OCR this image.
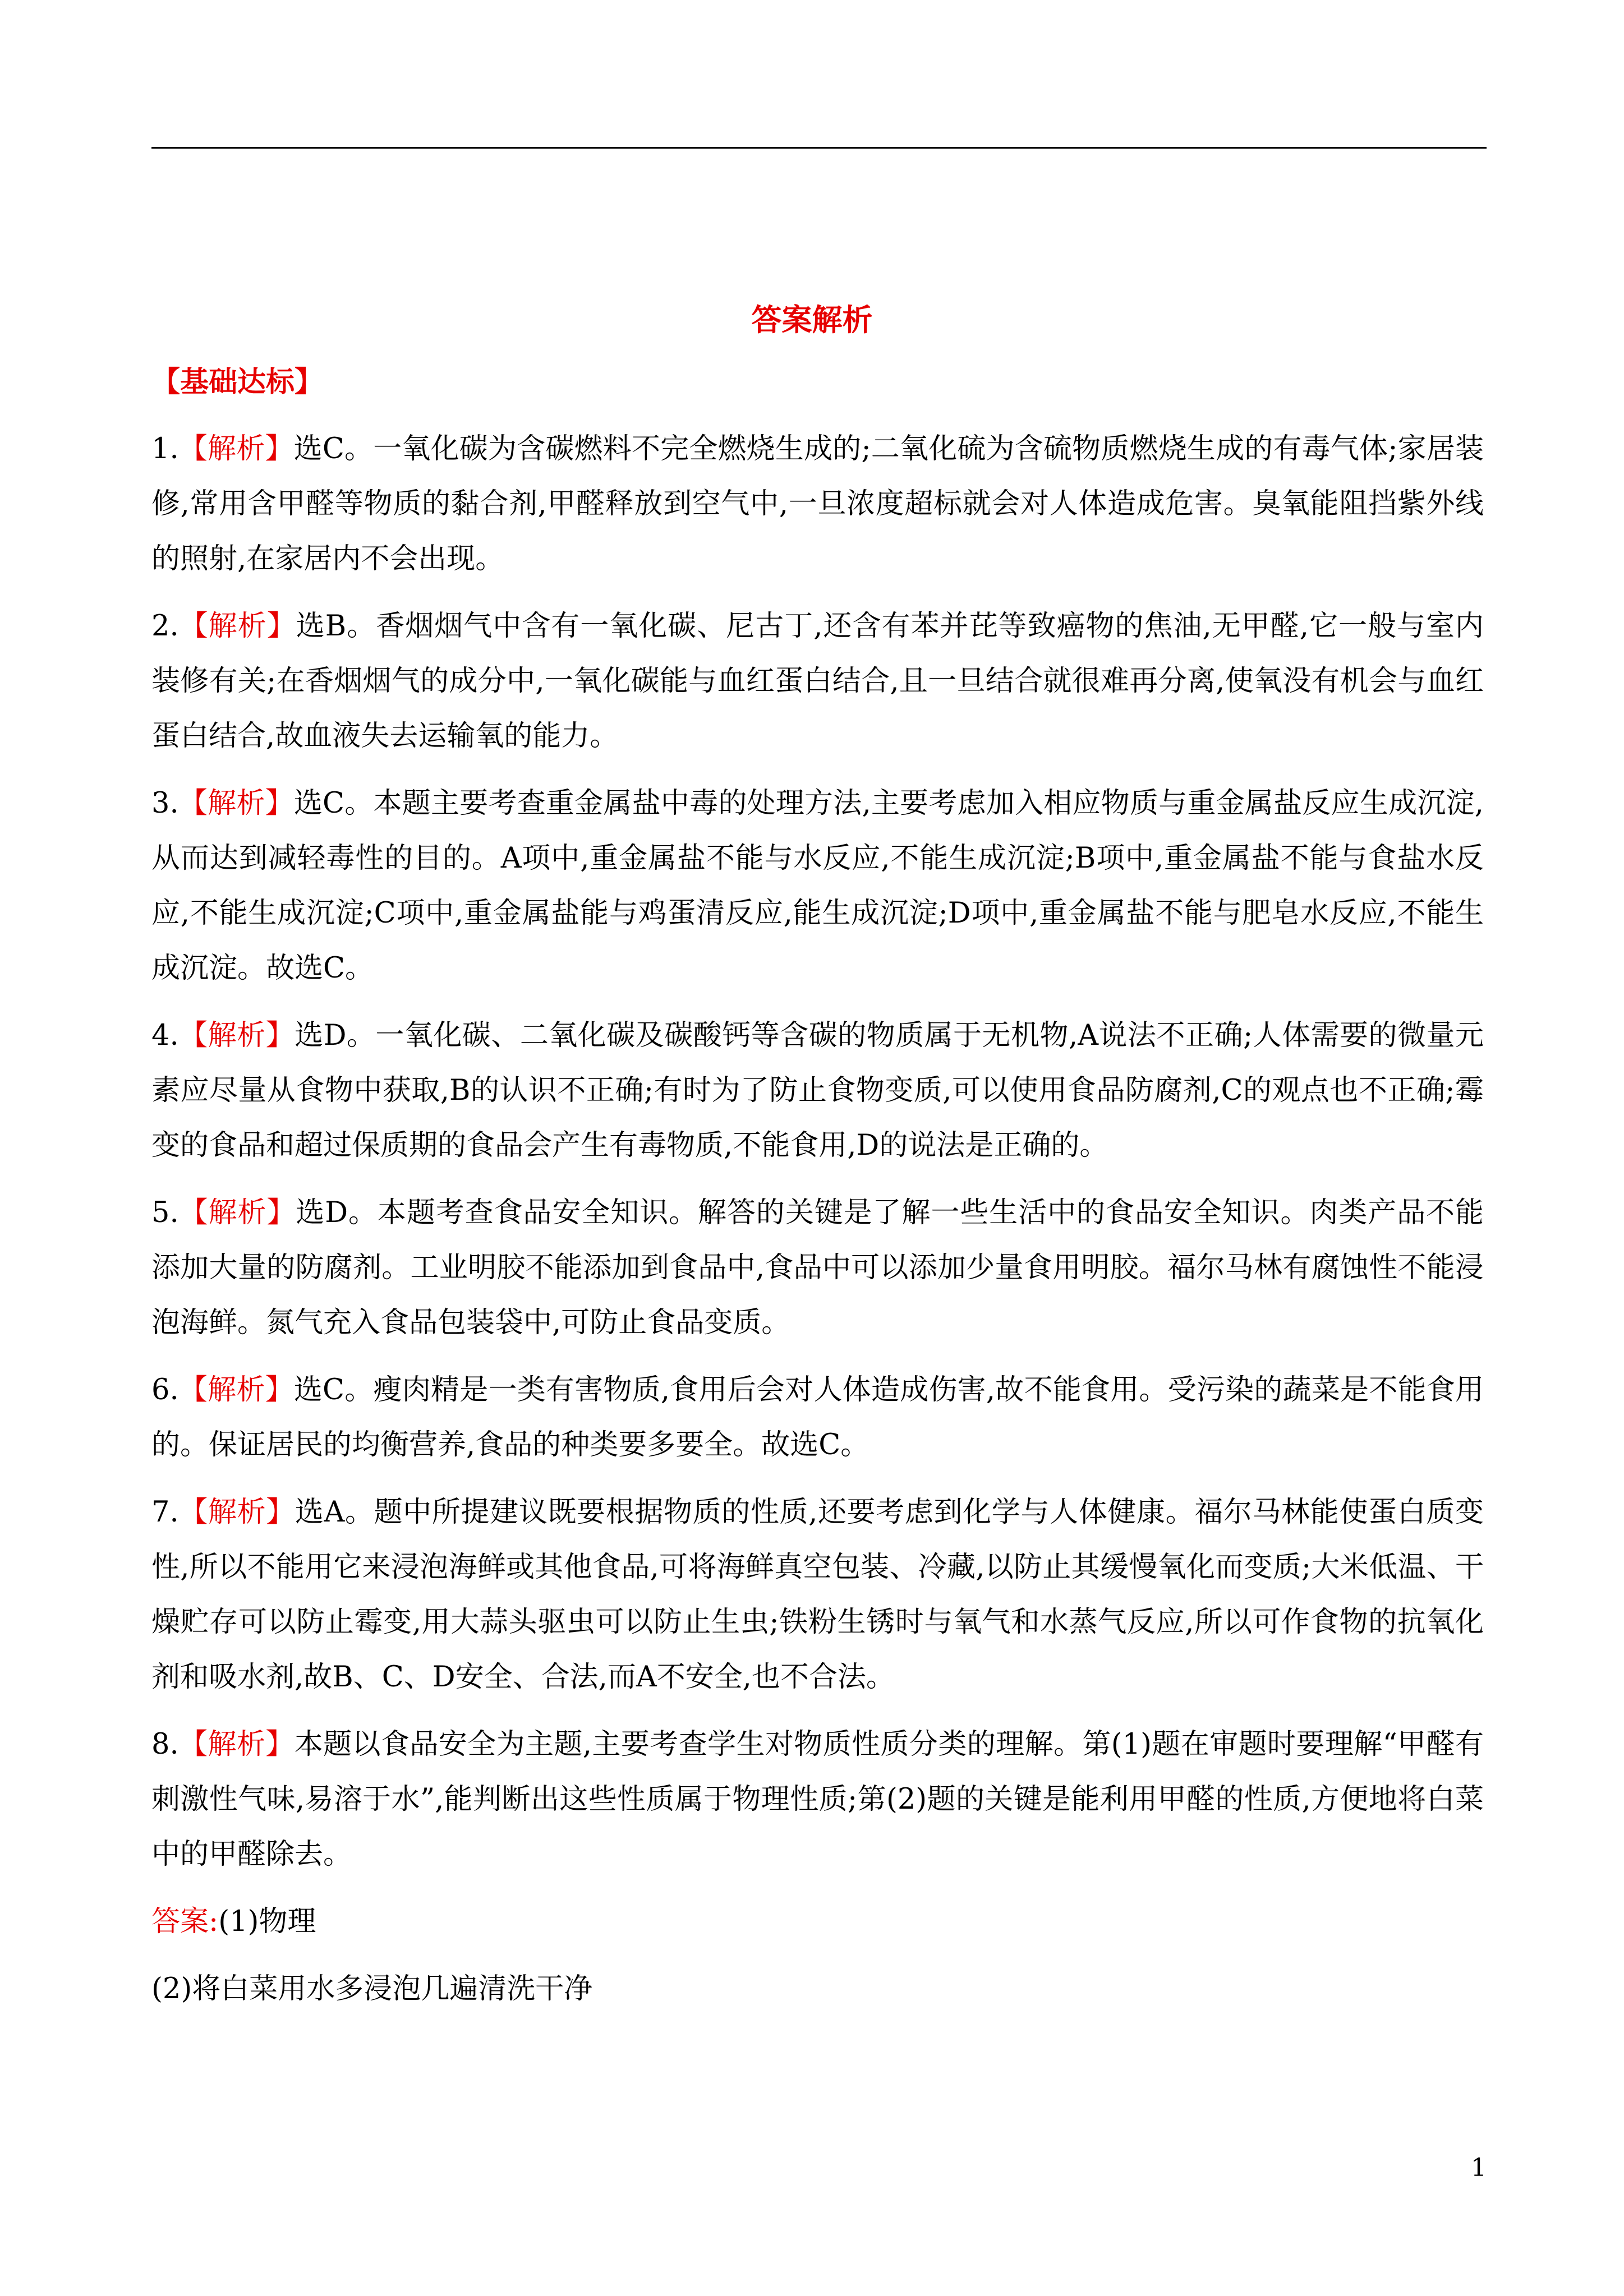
答案解析
【基础达标】
1.【解析】选C。一氧化碳为含碳燃料不完全燃烧生成的;二氧化硫为含硫物质燃烧生成的有毒气体;家居装修,常用含甲醛等物质的黏合剂,甲醛释放到空气中,一旦浓度超标就会对人体造成危害。臭氧能阻挡紫外线的照射,在家居内不会出现。
2.【解析】选B。香烟烟气中含有一氧化碳、尼古丁,还含有苯并芘等致癌物的焦油,无甲醛,它一般与室内装修有关;在香烟烟气的成分中,一氧化碳能与血红蛋白结合,且一旦结合就很难再分离,使氧没有机会与血红蛋白结合,故血液失去运输氧的能力。
3.【解析】选C。本题主要考查重金属盐中毒的处理方法,主要考虑加入相应物质与重金属盐反应生成沉淀,从而达到减轻毒性的目的。A项中,重金属盐不能与水反应,不能生成沉淀;B项中,重金属盐不能与食盐水反应,不能生成沉淀;C项中,重金属盐能与鸡蛋清反应,能生成沉淀;D项中,重金属盐不能与肥皂水反应,不能生成沉淀。故选C。
4.【解析】选D。一氧化碳、二氧化碳及碳酸钙等含碳的物质属于无机物,A说法不正确;人体需要的微量元素应尽量从食物中获取,B的认识不正确;有时为了防止食物变质,可以使用食品防腐剂,C的观点也不正确;霉变的食品和超过保质期的食品会产生有毒物质,不能食用,D的说法是正确的。
5.【解析】选D。本题考查食品安全知识。解答的关键是了解一些生活中的食品安全知识。肉类产品不能添加大量的防腐剂。工业明胶不能添加到食品中,食品中可以添加少量食用明胶。福尔马林有腐蚀性不能浸泡海鲜。氮气充入食品包装袋中,可防止食品变质。
6.【解析】选C。瘦肉精是一类有害物质,食用后会对人体造成伤害,故不能食用。受污染的蔬菜是不能食用的。保证居民的均衡营养,食品的种类要多要全。故选C。
7.【解析】选A。题中所提建议既要根据物质的性质,还要考虑到化学与人体健康。福尔马林能使蛋白质变性,所以不能用它来浸泡海鲜或其他食品,可将海鲜真空包装、冷藏,以防止其缓慢氧化而变质;大米低温、干燥贮存可以防止霉变,用大蒜头驱虫可以防止生虫;铁粉生锈时与氧气和水蒸气反应,所以可作食物的抗氧化剂和吸水剂,故B、C、D安全、合法,而A不安全,也不合法。
8.【解析】本题以食品安全为主题,主要考查学生对物质性质分类的理解。第(1)题在审题时要理解“甲醛有刺激性气味,易溶于水”,能判断出这些性质属于物理性质;第(2)题的关键是能利用甲醛的性质,方便地将白菜中的甲醛除去。
答案:(1)物理
(2)将白菜用水多浸泡几遍清洗干净
1
